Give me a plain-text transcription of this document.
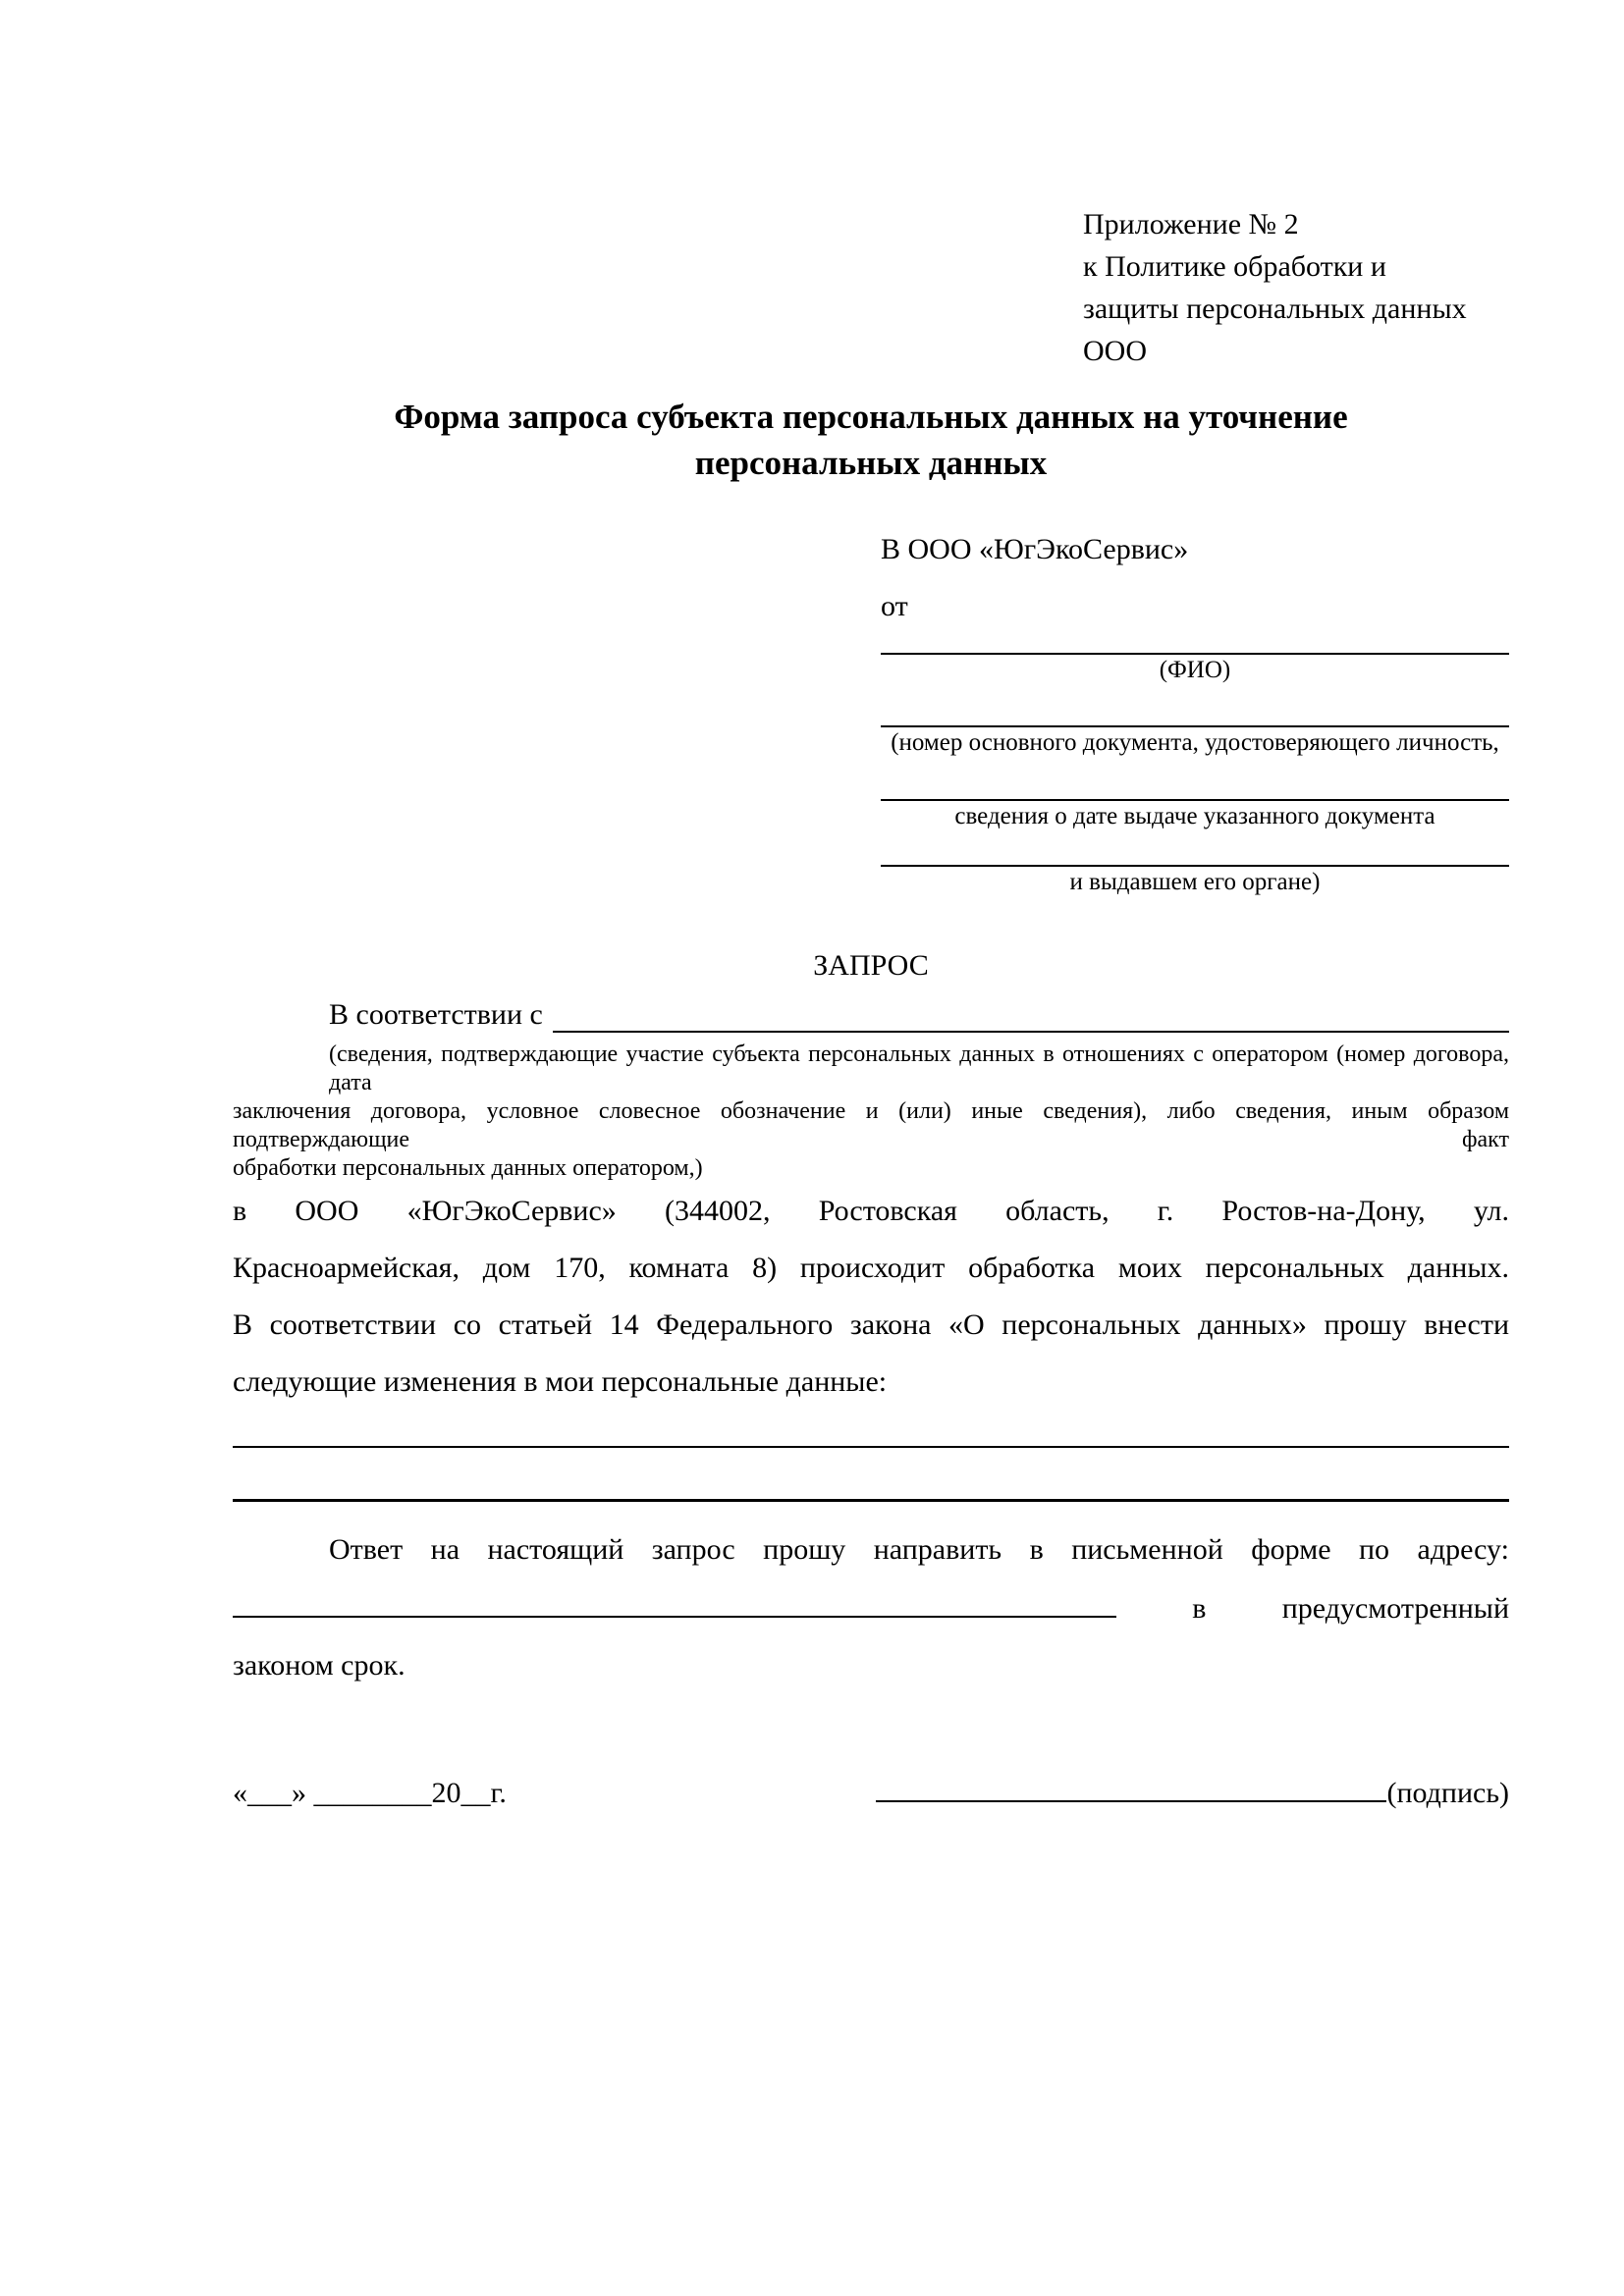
Приложение № 2
к Политике обработки и
защиты персональных данных
ООО
Форма запроса субъекта персональных данных на уточнение персональных данных
В ООО «ЮгЭкоСервис»
от
(ФИО)
(номер основного документа, удостоверяющего личность,
сведения о дате выдаче указанного документа
и выдавшем его органе)
ЗАПРОС
В соответствии с
(сведения, подтверждающие участие субъекта персональных данных в отношениях с оператором (номер договора, дата
заключения договора, условное словесное обозначение и (или) иные сведения), либо сведения, иным образом подтверждающие факт
обработки персональных данных оператором,)
в ООО «ЮгЭкоСервис» (344002, Ростовская область, г. Ростов-на-Дону, ул.
Красноармейская, дом 170, комната 8) происходит обработка моих персональных данных.
В соответствии со статьей 14 Федерального закона «О персональных данных» прошу внести
следующие изменения в мои персональные данные:
Ответ на настоящий запрос прошу направить в письменной форме по адресу:
в предусмотренный
законом срок.
«___» ________20__г.	(подпись)
